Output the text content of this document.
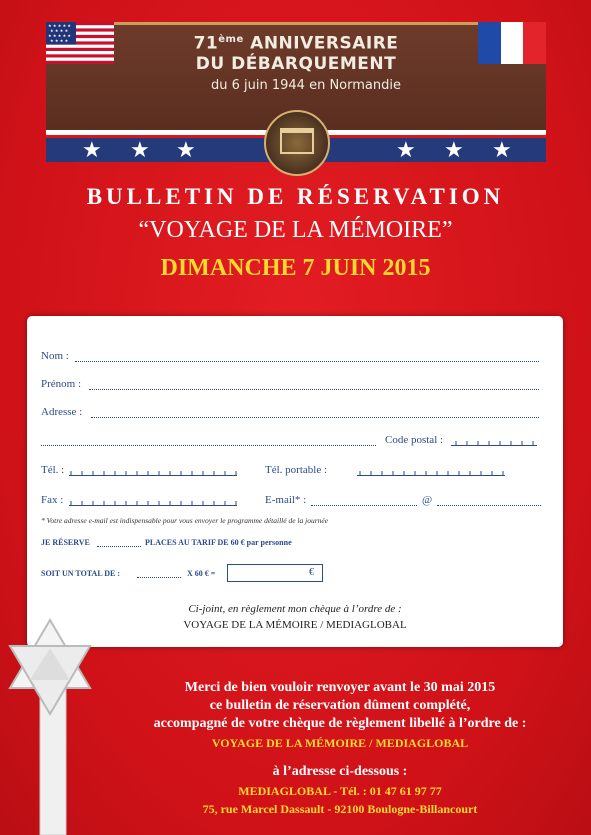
★ ★ ★ ★ ★
★ ★ ★ ★
★ ★ ★ ★ ★
★ ★ ★ ★	71ème ANNIVERSAIRE
DU DÉBARQUEMENT
du 6 juin 1944 en Normandie
★ ★ ★	★ ★ ★
BULLETIN DE RÉSERVATION
“VOYAGE DE LA MÉMOIRE”
DIMANCHE 7 JUIN 2015
Nom :
Prénom :
Adresse :
Code postal :
Tél. :	Tél. portable :
Fax :	E-mail* :	@
* Votre adresse e-mail est indispensable pour vous envoyer le programme détaillé de la journée
JE RÉSERVE	PLACES AU TARIF DE 60 € par personne
SOIT UN TOTAL DE :	X 60 € =	€
Ci-joint, en règlement mon chèque à l’ordre de :
VOYAGE DE LA MÉMOIRE / MEDIAGLOBAL
Merci de bien vouloir renvoyer avant le 30 mai 2015
ce bulletin de réservation dûment complété,
accompagné de votre chèque de règlement libellé à l’ordre de :
VOYAGE DE LA MÉMOIRE / MEDIAGLOBAL
à l’adresse ci-dessous :
MEDIAGLOBAL - Tél. : 01 47 61 97 77
75, rue Marcel Dassault - 92100 Boulogne-Billancourt
